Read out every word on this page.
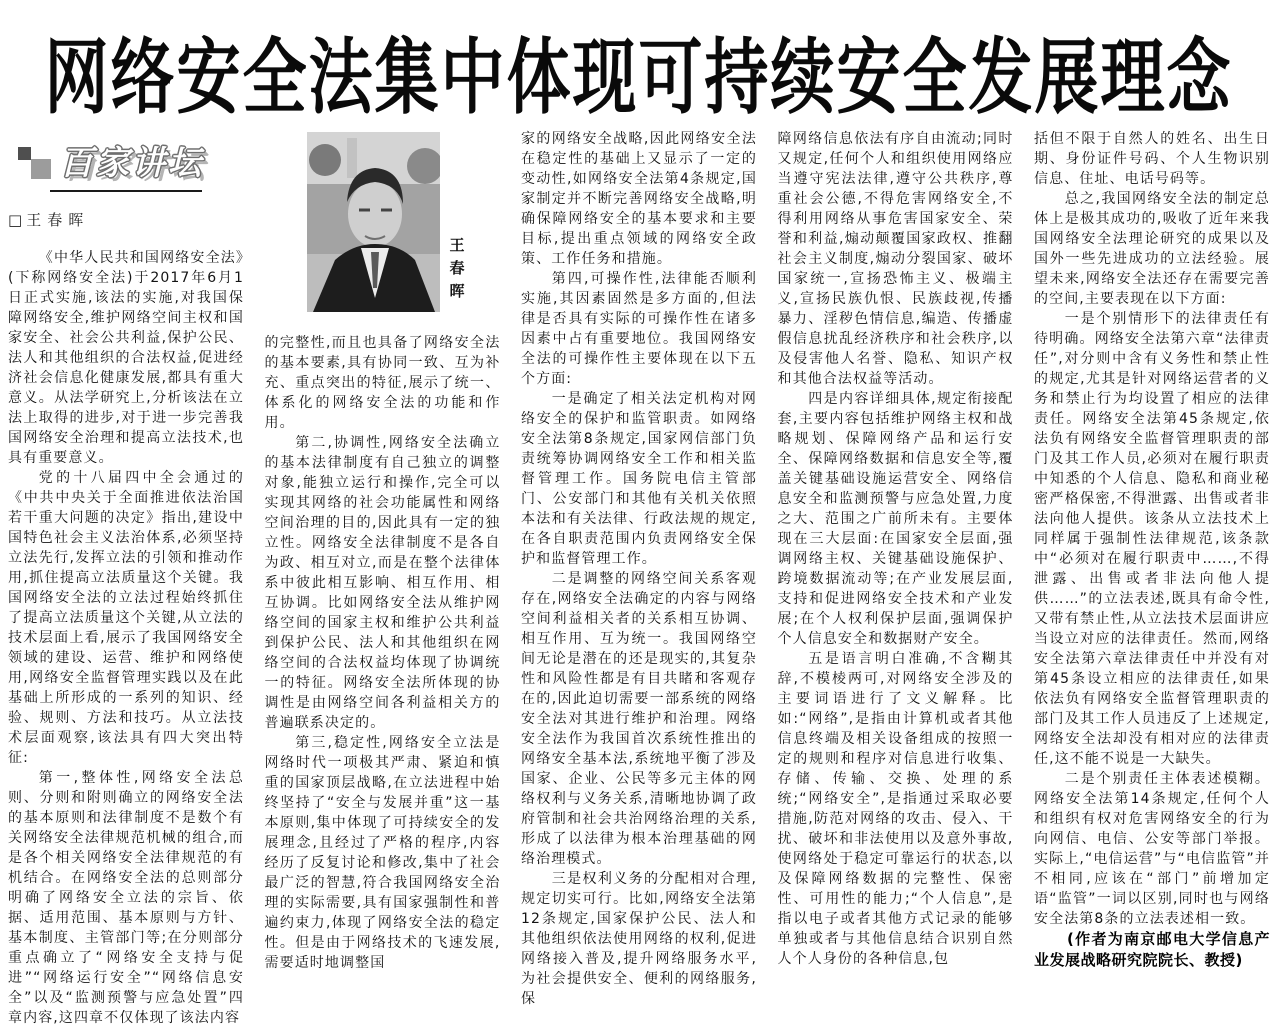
网络安全法集中体现可持续安全发展理念
百家讲坛
□ 王春晖

《中华人民共和国网络安全法》(下称网络安全法)于2017年6月1日正式实施,该法的实施,对我国保障网络安全,维护网络空间主权和国家安全、社会公共利益,保护公民、法人和其他组织的合法权益,促进经济社会信息化健康发展,都具有重大意义。从法学研究上,分析该法在立法上取得的进步,对于进一步完善我国网络安全治理和提高立法技术,也具有重要意义。

党的十八届四中全会通过的《中共中央关于全面推进依法治国若干重大问题的决定》指出,建设中国特色社会主义法治体系,必须坚持立法先行,发挥立法的引领和推动作用,抓住提高立法质量这个关键。我国网络安全法的立法过程始终抓住了提高立法质量这个关键,从立法的技术层面上看,展示了我国网络安全领域的建设、运营、维护和网络使用,网络安全监督管理实践以及在此基础上所形成的一系列的知识、经验、规则、方法和技巧。从立法技术层面观察,该法具有四大突出特征:

第一,整体性,网络安全法总则、分则和附则确立的网络安全法的基本原则和法律制度不是数个有关网络安全法律规范机械的组合,而是各个相关网络安全法律规范的有机结合。在网络安全法的总则部分明确了网络安全立法的宗旨、依据、适用范围、基本原则与方针、基本制度、主管部门等;在分则部分重点确立了“网络安全支持与促进”“网络运行安全”“网络信息安全”以及“监测预警与应急处置”四章内容,这四章不仅体现了该法内容

王春晖

的完整性,而且也具备了网络安全法的基本要素,具有协同一致、互为补充、重点突出的特征,展示了统一、体系化的网络安全法的功能和作用。

第二,协调性,网络安全法确立的基本法律制度有自己独立的调整对象,能独立运行和操作,完全可以实现其网络的社会功能属性和网络空间治理的目的,因此具有一定的独立性。网络安全法律制度不是各自为政、相互对立,而是在整个法律体系中彼此相互影响、相互作用、相互协调。比如网络安全法从维护网络空间的国家主权和维护公共利益到保护公民、法人和其他组织在网络空间的合法权益均体现了协调统一的特征。网络安全法所体现的协调性是由网络空间各利益相关方的普遍联系决定的。

第三,稳定性,网络安全立法是网络时代一项极其严肃、紧迫和慎重的国家顶层战略,在立法进程中始终坚持了“安全与发展并重”这一基本原则,集中体现了可持续安全的发展理念,且经过了严格的程序,内容经历了反复讨论和修改,集中了社会最广泛的智慧,符合我国网络安全治理的实际需要,具有国家强制性和普遍约束力,体现了网络安全法的稳定性。但是由于网络技术的飞速发展,需要适时地调整国

家的网络安全战略,因此网络安全法在稳定性的基础上又显示了一定的变动性,如网络安全法第4条规定,国家制定并不断完善网络安全战略,明确保障网络安全的基本要求和主要目标,提出重点领域的网络安全政策、工作任务和措施。

第四,可操作性,法律能否顺利实施,其因素固然是多方面的,但法律是否具有实际的可操作性在诸多因素中占有重要地位。我国网络安全法的可操作性主要体现在以下五个方面:

一是确定了相关法定机构对网络安全的保护和监管职责。如网络安全法第8条规定,国家网信部门负责统筹协调网络安全工作和相关监督管理工作。国务院电信主管部门、公安部门和其他有关机关依照本法和有关法律、行政法规的规定,在各自职责范围内负责网络安全保护和监督管理工作。

二是调整的网络空间关系客观存在,网络安全法确定的内容与网络空间利益相关者的关系相互协调、相互作用、互为统一。我国网络空间无论是潜在的还是现实的,其复杂性和风险性都是有目共睹和客观存在的,因此迫切需要一部系统的网络安全法对其进行维护和治理。网络安全法作为我国首次系统性推出的网络安全基本法,系统地平衡了涉及国家、企业、公民等多元主体的网络权利与义务关系,清晰地协调了政府管制和社会共治网络治理的关系,形成了以法律为根本治理基础的网络治理模式。

三是权利义务的分配相对合理,规定切实可行。比如,网络安全法第12条规定,国家保护公民、法人和其他组织依法使用网络的权利,促进网络接入普及,提升网络服务水平,为社会提供安全、便利的网络服务,保

障网络信息依法有序自由流动;同时又规定,任何个人和组织使用网络应当遵守宪法法律,遵守公共秩序,尊重社会公德,不得危害网络安全,不得利用网络从事危害国家安全、荣誉和利益,煽动颠覆国家政权、推翻社会主义制度,煽动分裂国家、破坏国家统一,宣扬恐怖主义、极端主义,宣扬民族仇恨、民族歧视,传播暴力、淫秽色情信息,编造、传播虚假信息扰乱经济秩序和社会秩序,以及侵害他人名誉、隐私、知识产权和其他合法权益等活动。

四是内容详细具体,规定衔接配套,主要内容包括维护网络主权和战略规划、保障网络产品和运行安全、保障网络数据和信息安全等,覆盖关键基础设施运营安全、网络信息安全和监测预警与应急处置,力度之大、范围之广前所未有。主要体现在三大层面:在国家安全层面,强调网络主权、关键基础设施保护、跨境数据流动等;在产业发展层面,支持和促进网络安全技术和产业发展;在个人权利保护层面,强调保护个人信息安全和数据财产安全。

五是语言明白准确,不含糊其辞,不模棱两可,对网络安全涉及的主要词语进行了文义解释。比如:“网络”,是指由计算机或者其他信息终端及相关设备组成的按照一定的规则和程序对信息进行收集、存储、传输、交换、处理的系统;“网络安全”,是指通过采取必要措施,防范对网络的攻击、侵入、干扰、破坏和非法使用以及意外事故,使网络处于稳定可靠运行的状态,以及保障网络数据的完整性、保密性、可用性的能力;“个人信息”,是指以电子或者其他方式记录的能够单独或者与其他信息结合识别自然人个人身份的各种信息,包

括但不限于自然人的姓名、出生日期、身份证件号码、个人生物识别信息、住址、电话号码等。

总之,我国网络安全法的制定总体上是极其成功的,吸收了近年来我国网络安全法理论研究的成果以及国外一些先进成功的立法经验。展望未来,网络安全法还存在需要完善的空间,主要表现在以下方面:

一是个别情形下的法律责任有待明确。网络安全法第六章“法律责任”,对分则中含有义务性和禁止性的规定,尤其是针对网络运营者的义务和禁止行为均设置了相应的法律责任。网络安全法第45条规定,依法负有网络安全监督管理职责的部门及其工作人员,必须对在履行职责中知悉的个人信息、隐私和商业秘密严格保密,不得泄露、出售或者非法向他人提供。该条从立法技术上同样属于强制性法律规范,该条款中“必须对在履行职责中……,不得泄露、出售或者非法向他人提供……”的立法表述,既具有命令性,又带有禁止性,从立法技术层面讲应当设立对应的法律责任。然而,网络安全法第六章法律责任中并没有对第45条设立相应的法律责任,如果依法负有网络安全监督管理职责的部门及其工作人员违反了上述规定,网络安全法却没有相对应的法律责任,这不能不说是一大缺失。

二是个别责任主体表述模糊。网络安全法第14条规定,任何个人和组织有权对危害网络安全的行为向网信、电信、公安等部门举报。实际上,“电信运营”与“电信监管”并不相同,应该在“部门”前增加定语“监管”一词以区别,同时也与网络安全法第8条的立法表述相一致。

(作者为南京邮电大学信息产业发展战略研究院院长、教授)
